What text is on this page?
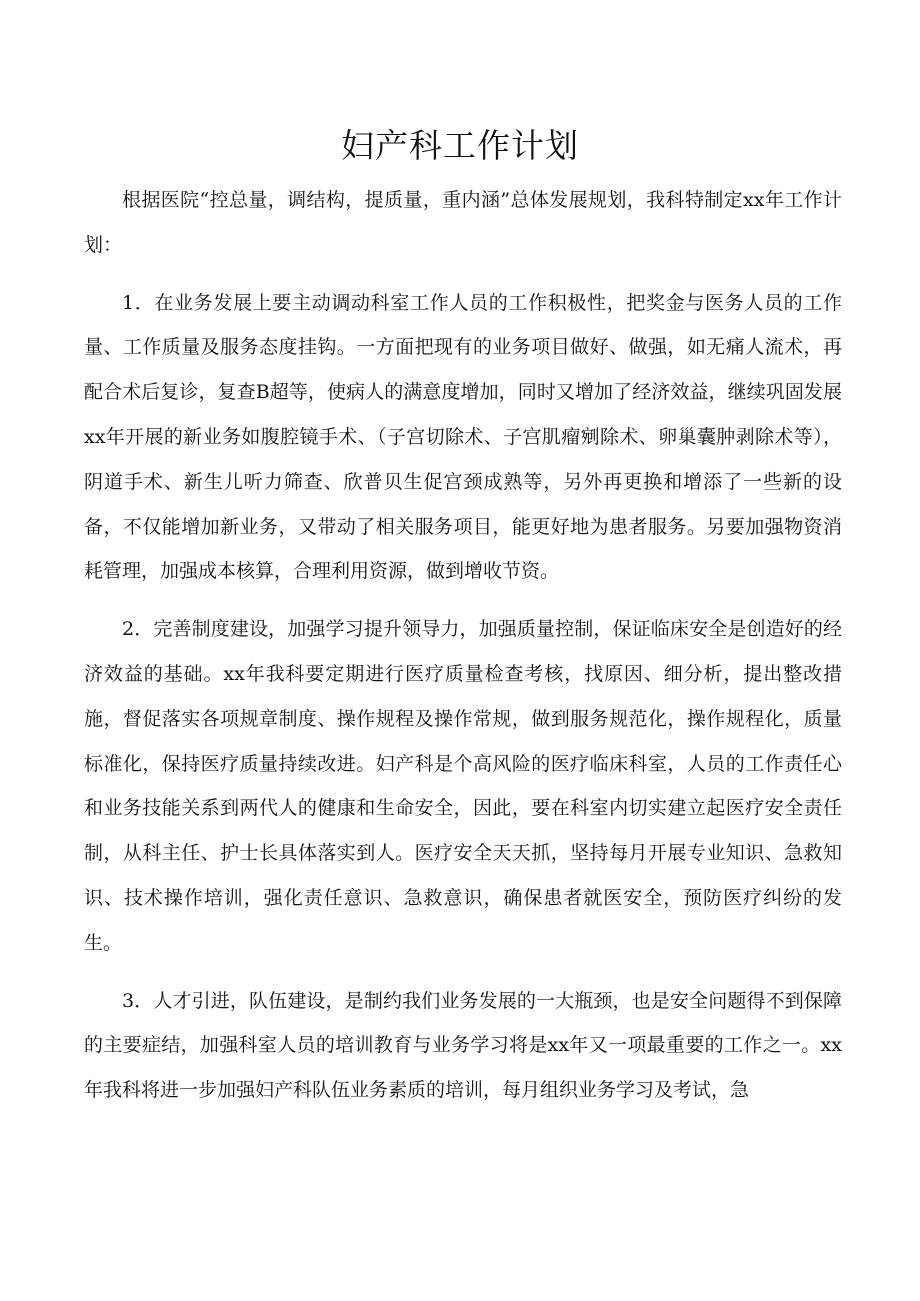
妇产科工作计划

根据医院“控总量，调结构，提质量，重内涵”总体发展规划，我科特制定xx年工作计划：

1．在业务发展上要主动调动科室工作人员的工作积极性，把奖金与医务人员的工作量、工作质量及服务态度挂钩。一方面把现有的业务项目做好、做强，如无痛人流术，再配合术后复诊，复查B超等，使病人的满意度增加，同时又增加了经济效益，继续巩固发展xx年开展的新业务如腹腔镜手术、（子宫切除术、子宫肌瘤剜除术、卵巢囊肿剥除术等），阴道手术、新生儿听力筛查、欣普贝生促宫颈成熟等，另外再更换和增添了一些新的设备，不仅能增加新业务，又带动了相关服务项目，能更好地为患者服务。另要加强物资消耗管理，加强成本核算，合理利用资源，做到增收节资。

2．完善制度建设，加强学习提升领导力，加强质量控制，保证临床安全是创造好的经济效益的基础。xx年我科要定期进行医疗质量检查考核，找原因、细分析，提出整改措施，督促落实各项规章制度、操作规程及操作常规，做到服务规范化，操作规程化，质量标准化，保持医疗质量持续改进。妇产科是个高风险的医疗临床科室，人员的工作责任心和业务技能关系到两代人的健康和生命安全，因此，要在科室内切实建立起医疗安全责任制，从科主任、护士长具体落实到人。医疗安全天天抓，坚持每月开展专业知识、急救知识、技术操作培训，强化责任意识、急救意识，确保患者就医安全，预防医疗纠纷的发生。

3．人才引进，队伍建设，是制约我们业务发展的一大瓶颈，也是安全问题得不到保障的主要症结，加强科室人员的培训教育与业务学习将是xx年又一项最重要的工作之一。xx年我科将进一步加强妇产科队伍业务素质的培训，每月组织业务学习及考试，急
